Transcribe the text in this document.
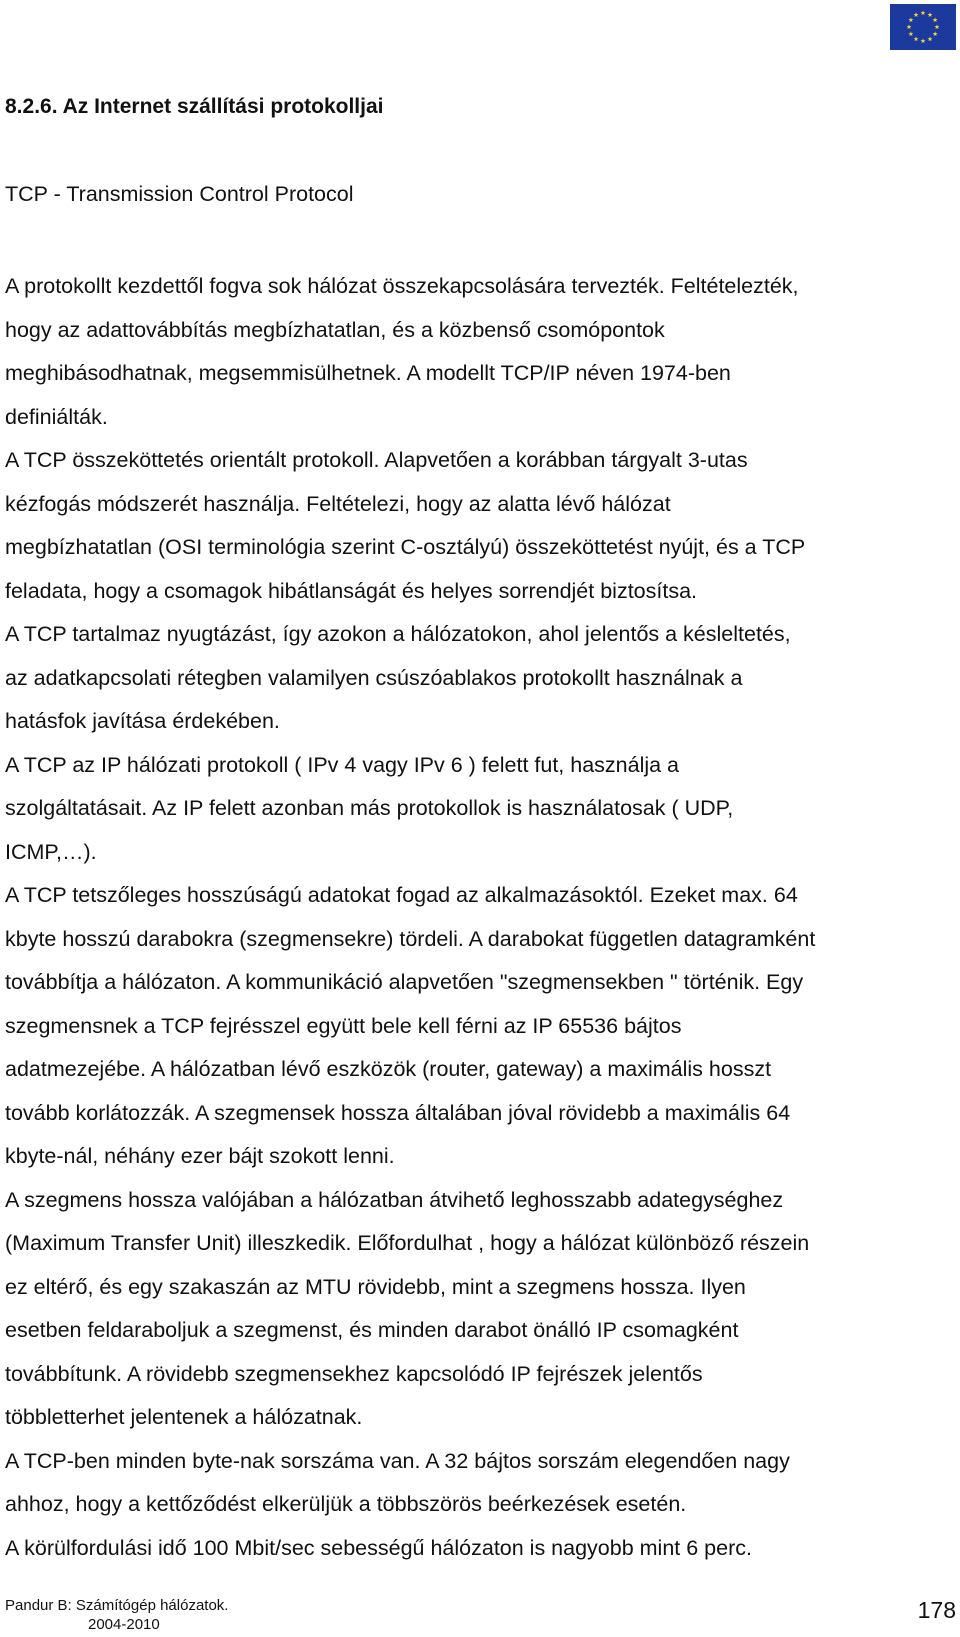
8.2.6. Az Internet szállítási protokolljai
TCP - Transmission Control Protocol

A protokollt kezdettől fogva sok hálózat összekapcsolására tervezték. Feltételezték,

hogy az adattovábbítás megbízhatatlan, és a közbenső csomópontok

meghibásodhatnak, megsemmisülhetnek. A modellt TCP/IP néven 1974-ben

definiálták.

A TCP összeköttetés orientált protokoll. Alapvetően a korábban tárgyalt 3-utas

kézfogás módszerét használja. Feltételezi, hogy az alatta lévő hálózat

megbízhatatlan (OSI terminológia szerint C-osztályú) összeköttetést nyújt, és a TCP

feladata, hogy a csomagok hibátlanságát és helyes sorrendjét biztosítsa.

A TCP tartalmaz nyugtázást, így azokon a hálózatokon, ahol jelentős a késleltetés,

az adatkapcsolati rétegben valamilyen csúszóablakos protokollt használnak a

hatásfok javítása érdekében.

A TCP az IP hálózati protokoll ( IPv 4 vagy IPv 6 ) felett fut, használja a

szolgáltatásait. Az IP felett azonban más protokollok is használatosak ( UDP,

ICMP,…).

A TCP tetszőleges hosszúságú adatokat fogad az alkalmazásoktól. Ezeket max. 64

kbyte hosszú darabokra (szegmensekre) tördeli. A darabokat független datagramként

továbbítja a hálózaton. A kommunikáció alapvetően "szegmensekben " történik. Egy

szegmensnek a TCP fejrésszel együtt bele kell férni az IP 65536 bájtos

adatmezejébe. A hálózatban lévő eszközök (router, gateway) a maximális hosszt

tovább korlátozzák. A szegmensek hossza általában jóval rövidebb a maximális 64

kbyte-nál, néhány ezer bájt szokott lenni.

A szegmens hossza valójában a hálózatban átvihető leghosszabb adategységhez

(Maximum Transfer Unit) illeszkedik. Előfordulhat , hogy a hálózat különböző részein

ez eltérő, és egy szakaszán az MTU rövidebb, mint a szegmens hossza. Ilyen

esetben feldaraboljuk a szegmenst, és minden darabot önálló IP csomagként

továbbítunk. A rövidebb szegmensekhez kapcsolódó IP fejrészek jelentős

többletterhet jelentenek a hálózatnak.

A TCP-ben minden byte-nak sorszáma van. A 32 bájtos sorszám elegendően nagy

ahhoz, hogy a kettőződést elkerüljük a többszörös beérkezések esetén.

A körülfordulási idő 100 Mbit/sec sebességű hálózaton is nagyobb mint 6 perc.

Pandur B: Számítógép hálózatok.
2004-2010
178
